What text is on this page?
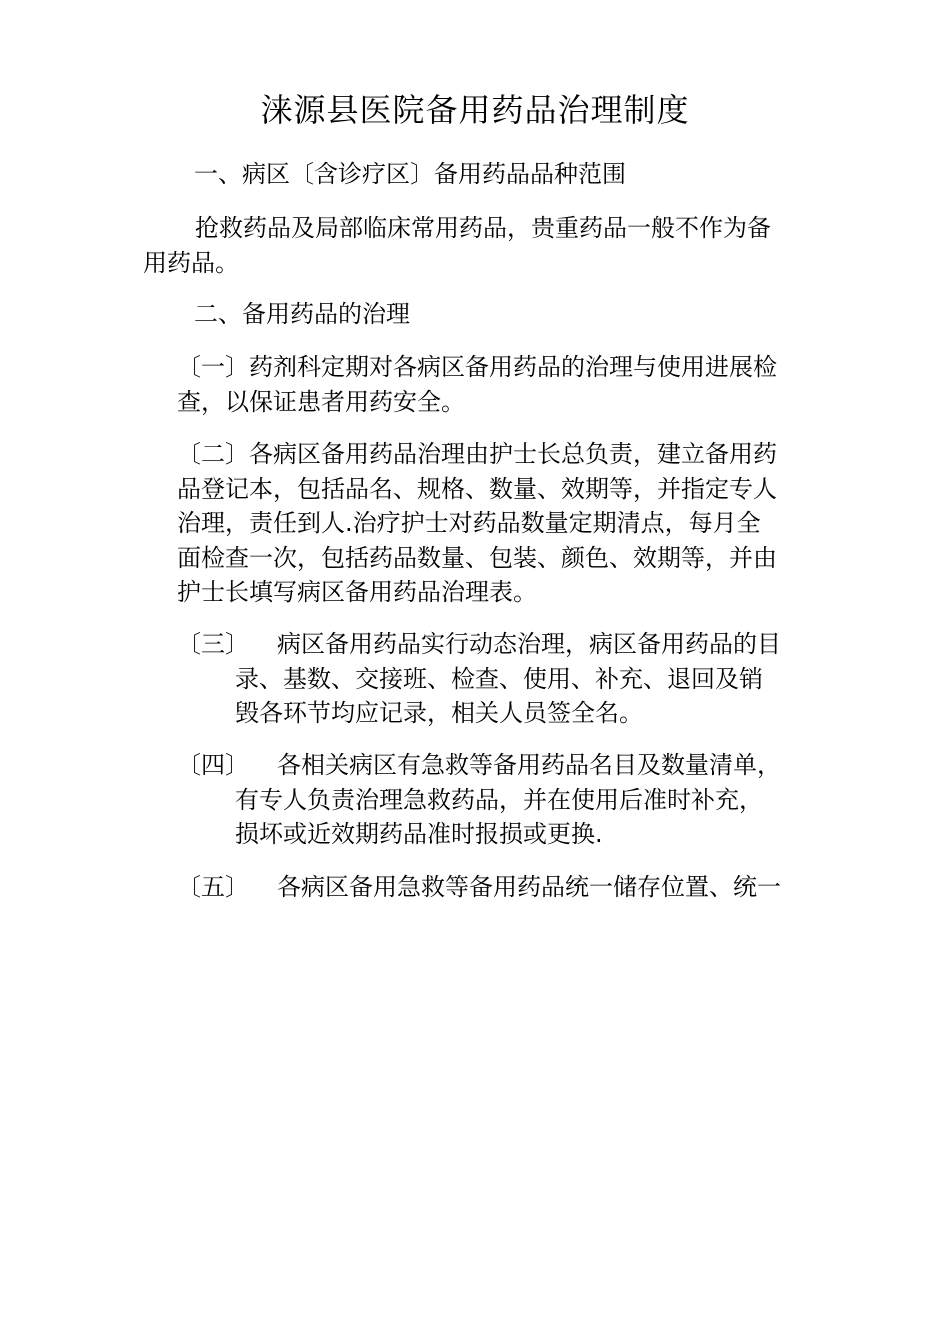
涞源县医院备用药品治理制度
一、病区〔含诊疗区〕备用药品品种范围
抢救药品及局部临床常用药品，贵重药品一般不作为备
用药品。
二、备用药品的治理
〔一〕药剂科定期对各病区备用药品的治理与使用进展检
查，以保证患者用药安全。
〔二〕各病区备用药品治理由护士长总负责，建立备用药
品登记本，包括品名、规格、数量、效期等，并指定专人
治理，责任到人.治疗护士对药品数量定期清点，每月全
面检查一次，包括药品数量、包装、颜色、效期等，并由
护士长填写病区备用药品治理表。
〔三〕 病区备用药品实行动态治理，病区备用药品的目
录、基数、交接班、检查、使用、补充、退回及销
毁各环节均应记录，相关人员签全名。
〔四〕 各相关病区有急救等备用药品名目及数量清单，
有专人负责治理急救药品，并在使用后准时补充，
损坏或近效期药品准时报损或更换.
〔五〕 各病区备用急救等备用药品统一储存位置、统一
